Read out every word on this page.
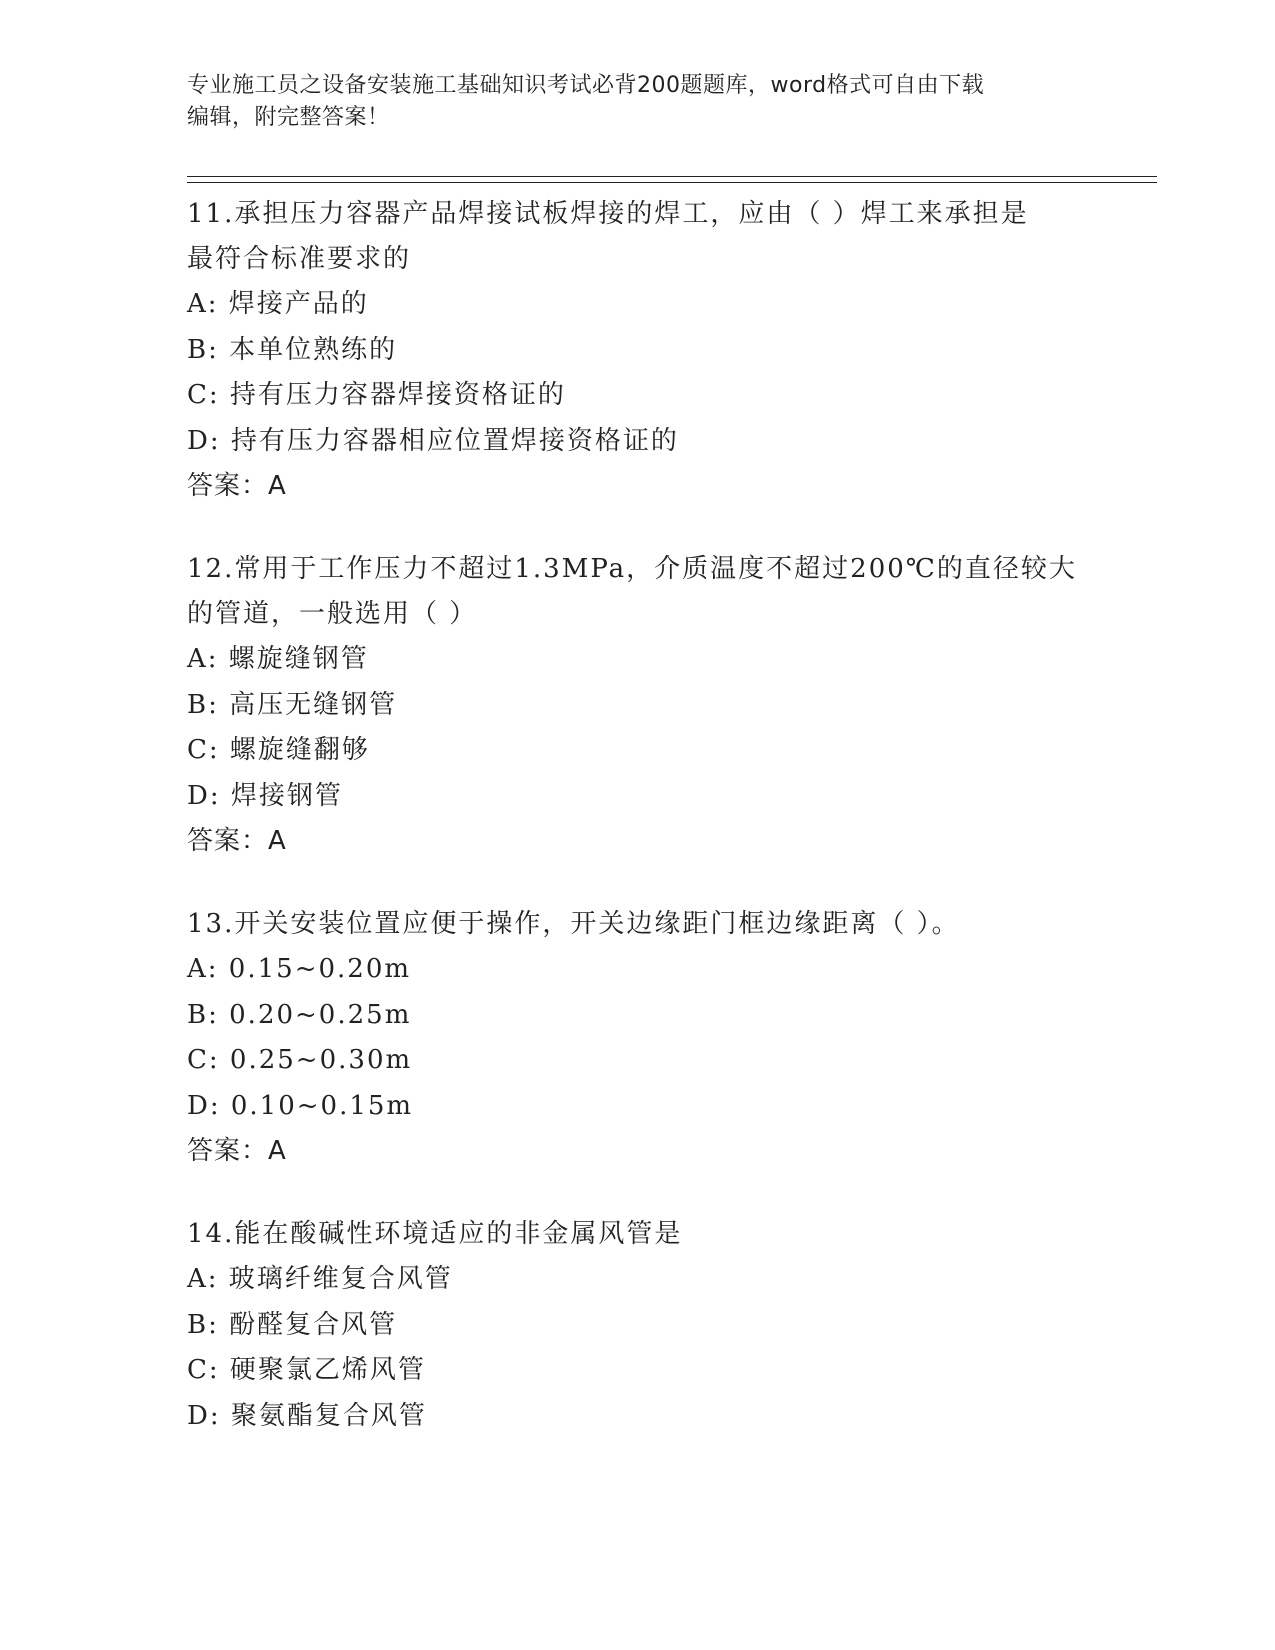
专业施工员之设备安装施工基础知识考试必背200题题库，word格式可自由下载
编辑，附完整答案！
11.承担压力容器产品焊接试板焊接的焊工，应由（ ）焊工来承担是
最符合标准要求的
A: 焊接产品的
B: 本单位熟练的
C: 持有压力容器焊接资格证的
D: 持有压力容器相应位置焊接资格证的
答案：A
12.常用于工作压力不超过1.3MPa，介质温度不超过200℃的直径较大
的管道，一般选用（ ）
A: 螺旋缝钢管
B: 高压无缝钢管
C: 螺旋缝翻够
D: 焊接钢管
答案：A
13.开关安装位置应便于操作，开关边缘距门框边缘距离（ ）。
A: 0.15~0.20m
B: 0.20~0.25m
C: 0.25~0.30m
D: 0.10~0.15m
答案：A
14.能在酸碱性环境适应的非金属风管是
A: 玻璃纤维复合风管
B: 酚醛复合风管
C: 硬聚氯乙烯风管
D: 聚氨酯复合风管
